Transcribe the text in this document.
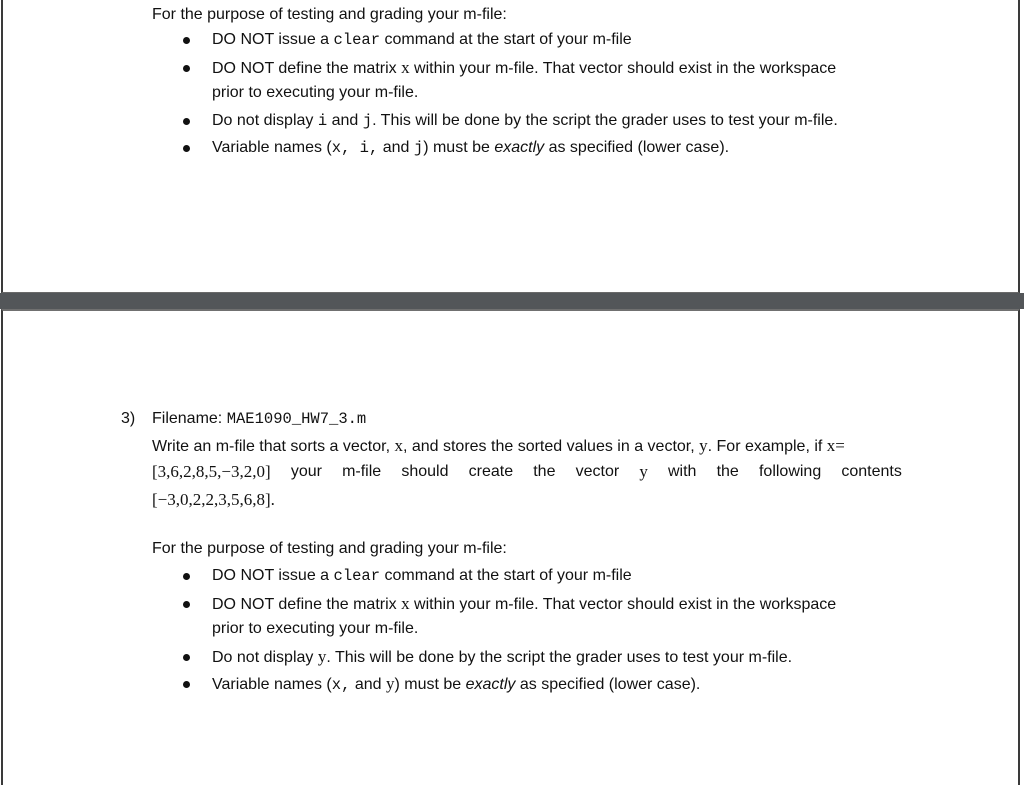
For the purpose of testing and grading your m-file:
DO NOT issue a clear command at the start of your m-file
DO NOT define the matrix x within your m-file. That vector should exist in the workspace
prior to executing your m-file.
Do not display i and j. This will be done by the script the grader uses to test your m-file.
Variable names (x, i, and j) must be exactly as specified (lower case).
3) Filename: MAE1090_HW7_3.m
Write an m-file that sorts a vector, x, and stores the sorted values in a vector, y. For example, if x=
[3,6,2,8,5,−3,2,0] your m-file should create the vector y with the following contents
[−3,0,2,2,3,5,6,8].
For the purpose of testing and grading your m-file:
DO NOT issue a clear command at the start of your m-file
DO NOT define the matrix x within your m-file. That vector should exist in the workspace
prior to executing your m-file.
Do not display y. This will be done by the script the grader uses to test your m-file.
Variable names (x, and y) must be exactly as specified (lower case).
